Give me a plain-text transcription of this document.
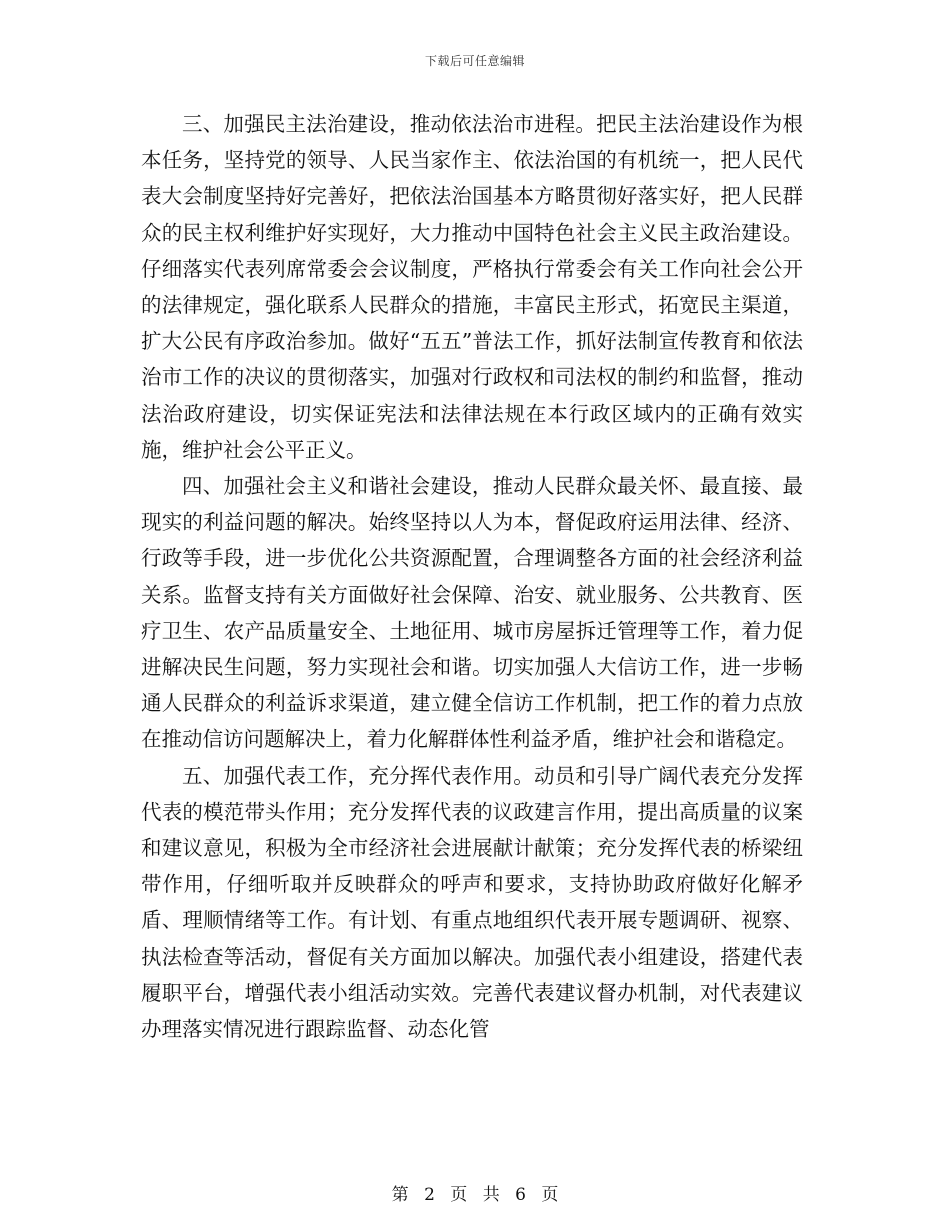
下载后可任意编辑

三、加强民主法治建设，推动依法治市进程。把民主法治建设作为根本任务，坚持党的领导、人民当家作主、依法治国的有机统一，把人民代表大会制度坚持好完善好，把依法治国基本方略贯彻好落实好，把人民群众的民主权利维护好实现好，大力推动中国特色社会主义民主政治建设。仔细落实代表列席常委会会议制度，严格执行常委会有关工作向社会公开的法律规定，强化联系人民群众的措施，丰富民主形式，拓宽民主渠道，扩大公民有序政治参加。做好“五五”普法工作，抓好法制宣传教育和依法治市工作的决议的贯彻落实，加强对行政权和司法权的制约和监督，推动法治政府建设，切实保证宪法和法律法规在本行政区域内的正确有效实施，维护社会公平正义。

四、加强社会主义和谐社会建设，推动人民群众最关怀、最直接、最现实的利益问题的解决。始终坚持以人为本，督促政府运用法律、经济、行政等手段，进一步优化公共资源配置，合理调整各方面的社会经济利益关系。监督支持有关方面做好社会保障、治安、就业服务、公共教育、医疗卫生、农产品质量安全、土地征用、城市房屋拆迁管理等工作，着力促进解决民生问题，努力实现社会和谐。切实加强人大信访工作，进一步畅通人民群众的利益诉求渠道，建立健全信访工作机制，把工作的着力点放在推动信访问题解决上，着力化解群体性利益矛盾，维护社会和谐稳定。

五、加强代表工作，充分挥代表作用。动员和引导广阔代表充分发挥代表的模范带头作用；充分发挥代表的议政建言作用，提出高质量的议案和建议意见，积极为全市经济社会进展献计献策；充分发挥代表的桥梁纽带作用，仔细听取并反映群众的呼声和要求，支持协助政府做好化解矛盾、理顺情绪等工作。有计划、有重点地组织代表开展专题调研、视察、执法检查等活动，督促有关方面加以解决。加强代表小组建设，搭建代表履职平台，增强代表小组活动实效。完善代表建议督办机制，对代表建议办理落实情况进行跟踪监督、动态化管

第 2 页 共 6 页
